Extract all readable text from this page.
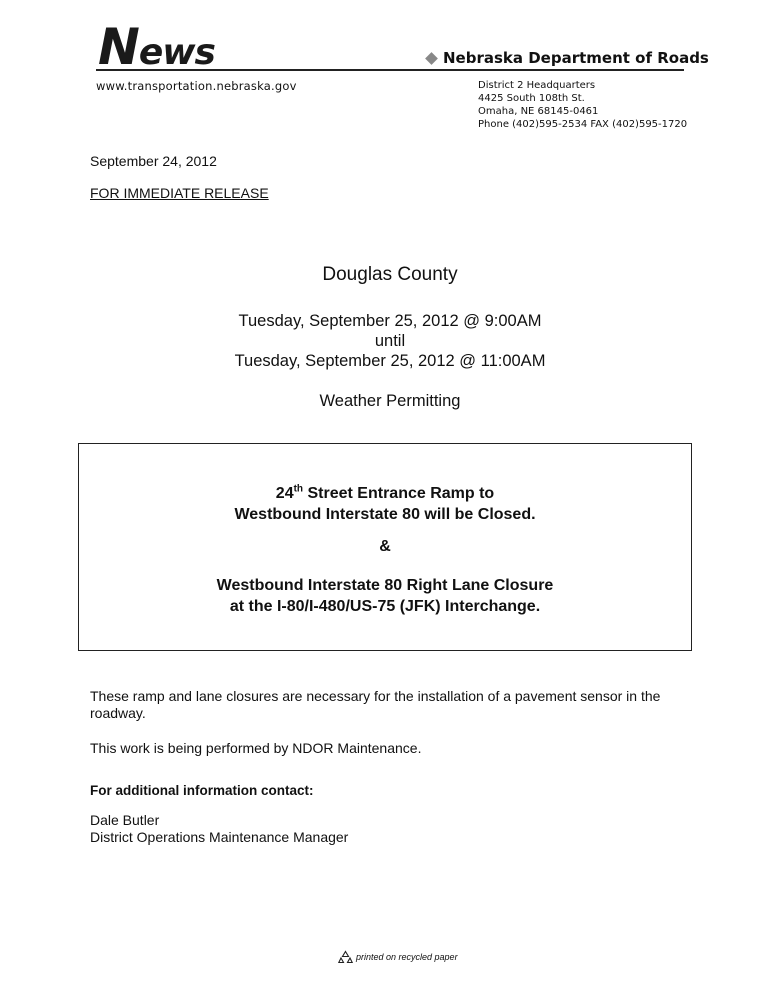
News
www.transportation.nebraska.gov
Nebraska Department of Roads
District 2 Headquarters
4425 South 108th St.
Omaha, NE 68145-0461
Phone (402)595-2534 FAX (402)595-1720
September 24, 2012
FOR IMMEDIATE RELEASE
Douglas County
Tuesday, September 25, 2012 @ 9:00AM
until
Tuesday, September 25, 2012 @ 11:00AM
Weather Permitting
24th Street Entrance Ramp to
Westbound Interstate 80 will be Closed.
&
Westbound Interstate 80 Right Lane Closure
at the I-80/I-480/US-75 (JFK) Interchange.
These ramp and lane closures are necessary for the installation of a pavement sensor in the roadway.
This work is being performed by NDOR Maintenance.
For additional information contact:
Dale Butler
District Operations Maintenance Manager
printed on recycled paper
